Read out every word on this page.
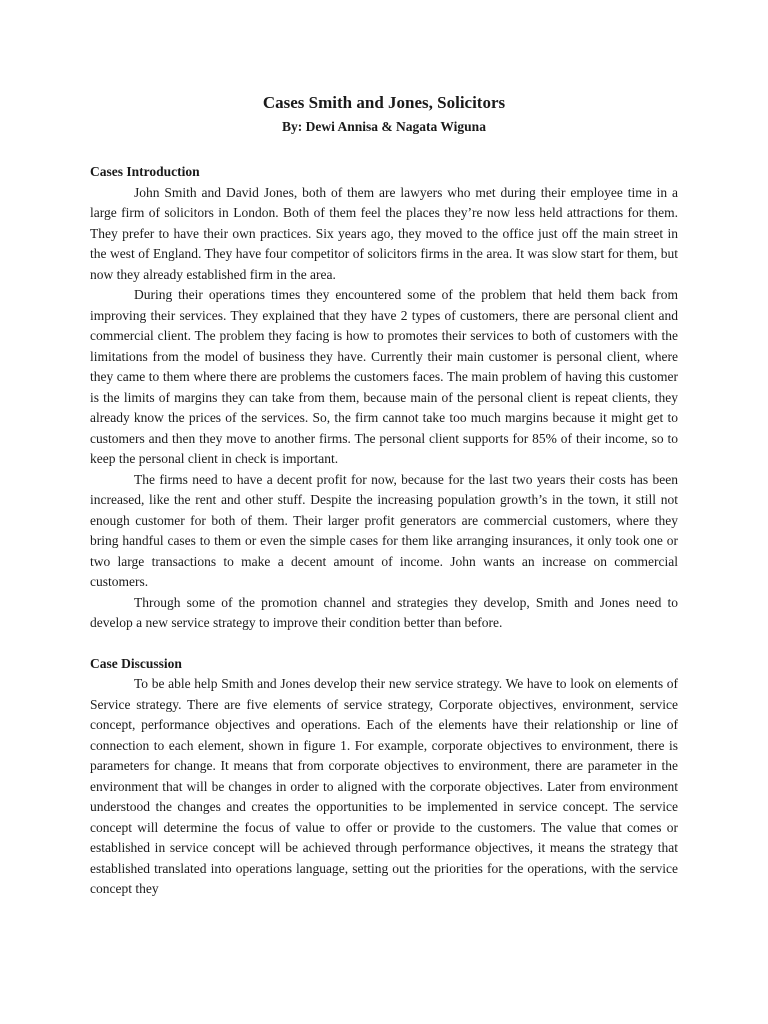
Cases Smith and Jones, Solicitors

By: Dewi Annisa & Nagata Wiguna

Cases Introduction

John Smith and David Jones, both of them are lawyers who met during their employee time in a large firm of solicitors in London. Both of them feel the places they’re now less held attractions for them. They prefer to have their own practices. Six years ago, they moved to the office just off the main street in the west of England. They have four competitor of solicitors firms in the area. It was slow start for them, but now they already established firm in the area.

During their operations times they encountered some of the problem that held them back from improving their services. They explained that they have 2 types of customers, there are personal client and commercial client. The problem they facing is how to promotes their services to both of customers with the limitations from the model of business they have. Currently their main customer is personal client, where they came to them where there are problems the customers faces. The main problem of having this customer is the limits of margins they can take from them, because main of the personal client is repeat clients, they already know the prices of the services. So, the firm cannot take too much margins because it might get to customers and then they move to another firms. The personal client supports for 85% of their income, so to keep the personal client in check is important.

The firms need to have a decent profit for now, because for the last two years their costs has been increased, like the rent and other stuff. Despite the increasing population growth’s in the town, it still not enough customer for both of them. Their larger profit generators are commercial customers, where they bring handful cases to them or even the simple cases for them like arranging insurances, it only took one or two large transactions to make a decent amount of income. John wants an increase on commercial customers.

Through some of the promotion channel and strategies they develop, Smith and Jones need to develop a new service strategy to improve their condition better than before.

Case Discussion

To be able help Smith and Jones develop their new service strategy. We have to look on elements of Service strategy. There are five elements of service strategy, Corporate objectives, environment, service concept, performance objectives and operations. Each of the elements have their relationship or line of connection to each element, shown in figure 1. For example, corporate objectives to environment, there is parameters for change. It means that from corporate objectives to environment, there are parameter in the environment that will be changes in order to aligned with the corporate objectives. Later from environment understood the changes and creates the opportunities to be implemented in service concept. The service concept will determine the focus of value to offer or provide to the customers. The value that comes or established in service concept will be achieved through performance objectives, it means the strategy that established translated into operations language, setting out the priorities for the operations, with the service concept they
